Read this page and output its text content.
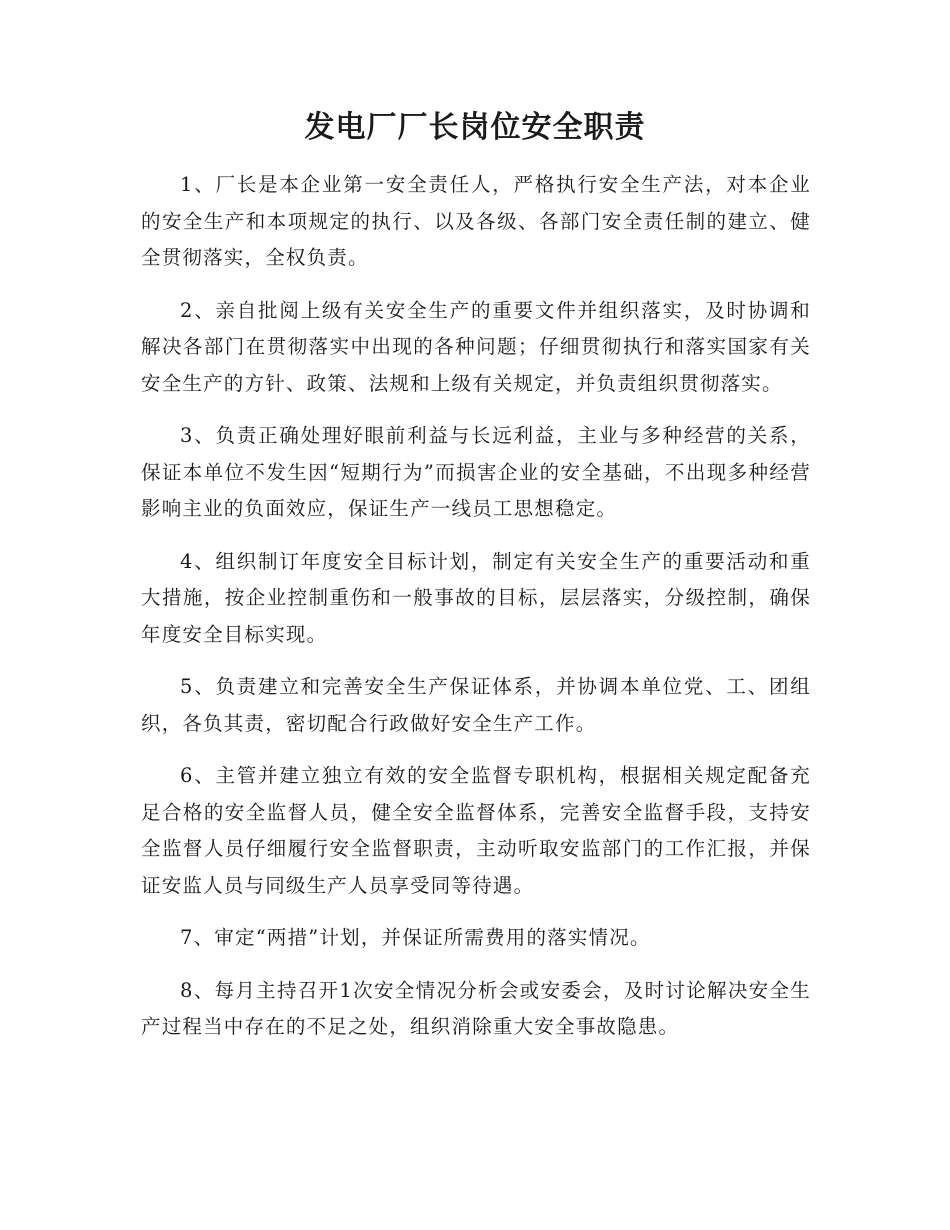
发电厂厂长岗位安全职责

1、厂长是本企业第一安全责任人，严格执行安全生产法，对本企业的安全生产和本项规定的执行、以及各级、各部门安全责任制的建立、健全贯彻落实，全权负责。

2、亲自批阅上级有关安全生产的重要文件并组织落实，及时协调和解决各部门在贯彻落实中出现的各种问题；仔细贯彻执行和落实国家有关安全生产的方针、政策、法规和上级有关规定，并负责组织贯彻落实。

3、负责正确处理好眼前利益与长远利益，主业与多种经营的关系，保证本单位不发生因“短期行为”而损害企业的安全基础，不出现多种经营影响主业的负面效应，保证生产一线员工思想稳定。

4、组织制订年度安全目标计划，制定有关安全生产的重要活动和重大措施，按企业控制重伤和一般事故的目标，层层落实，分级控制，确保年度安全目标实现。

5、负责建立和完善安全生产保证体系，并协调本单位党、工、团组织，各负其责，密切配合行政做好安全生产工作。

6、主管并建立独立有效的安全监督专职机构，根据相关规定配备充足合格的安全监督人员，健全安全监督体系，完善安全监督手段，支持安全监督人员仔细履行安全监督职责，主动听取安监部门的工作汇报，并保证安监人员与同级生产人员享受同等待遇。

7、审定“两措”计划，并保证所需费用的落实情况。

8、每月主持召开1次安全情况分析会或安委会，及时讨论解决安全生产过程当中存在的不足之处，组织消除重大安全事故隐患。
